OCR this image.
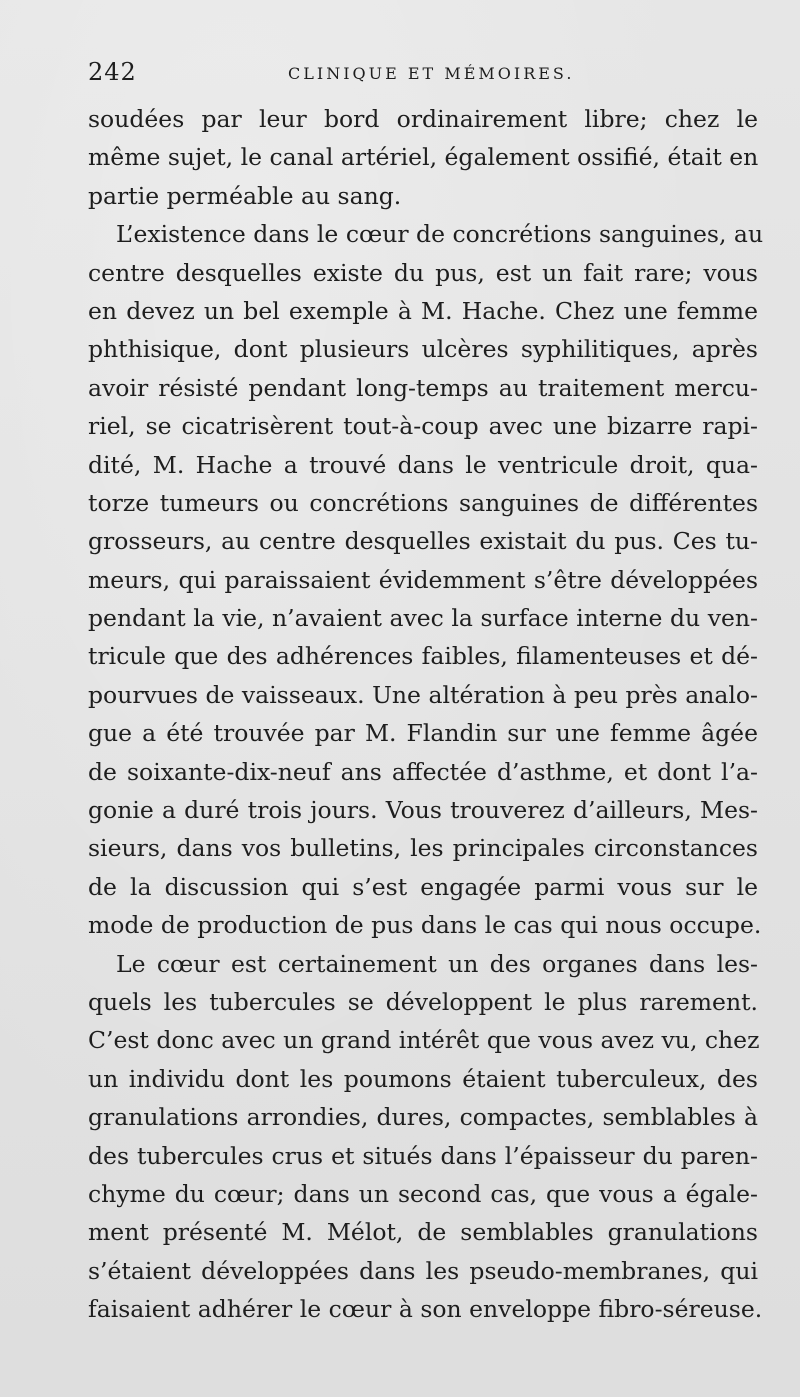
242	CLINIQUE ET MÉMOIRES.
soudées par leur bord ordinairement libre; chez le
même sujet, le canal artériel, également ossifié, était en
partie perméable au sang.
L’existence dans le cœur de concrétions sanguines, au
centre desquelles existe du pus, est un fait rare; vous
en devez un bel exemple à M. Hache. Chez une femme
phthisique, dont plusieurs ulcères syphilitiques, après
avoir résisté pendant long-temps au traitement mercu-
riel, se cicatrisèrent tout-à-coup avec une bizarre rapi-
dité, M. Hache a trouvé dans le ventricule droit, qua-
torze tumeurs ou concrétions sanguines de différentes
grosseurs, au centre desquelles existait du pus. Ces tu-
meurs, qui paraissaient évidemment s’être développées
pendant la vie, n’avaient avec la surface interne du ven-
tricule que des adhérences faibles, filamenteuses et dé-
pourvues de vaisseaux. Une altération à peu près analo-
gue a été trouvée par M. Flandin sur une femme âgée
de soixante-dix-neuf ans affectée d’asthme, et dont l’a-
gonie a duré trois jours. Vous trouverez d’ailleurs, Mes-
sieurs, dans vos bulletins, les principales circonstances
de la discussion qui s’est engagée parmi vous sur le
mode de production de pus dans le cas qui nous occupe.
Le cœur est certainement un des organes dans les-
quels les tubercules se développent le plus rarement.
C’est donc avec un grand intérêt que vous avez vu, chez
un individu dont les poumons étaient tuberculeux, des
granulations arrondies, dures, compactes, semblables à
des tubercules crus et situés dans l’épaisseur du paren-
chyme du cœur; dans un second cas, que vous a égale-
ment présenté M. Mélot, de semblables granulations
s’étaient développées dans les pseudo-membranes, qui
faisaient adhérer le cœur à son enveloppe fibro-séreuse.
